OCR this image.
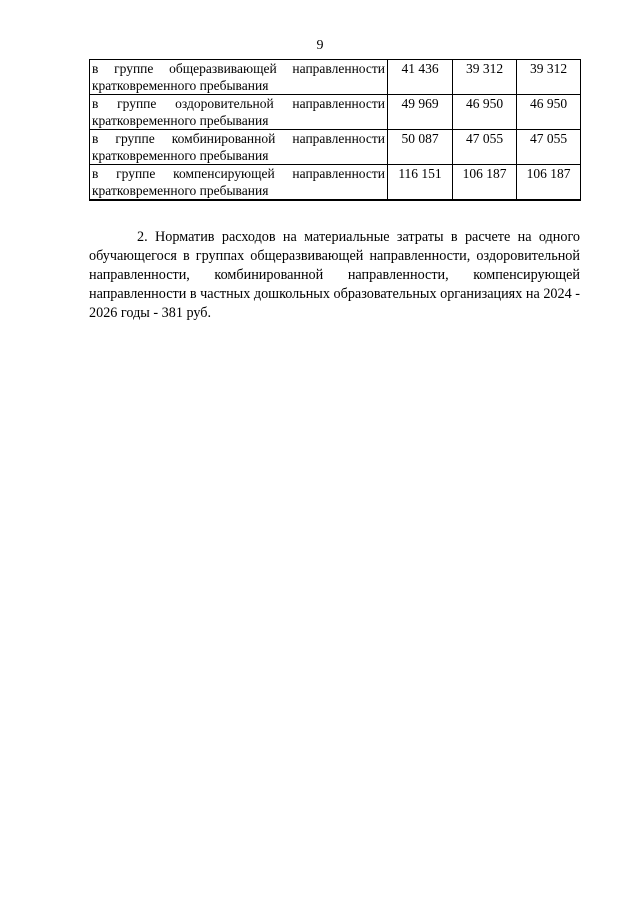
9
в группе общеразвивающей направленности кратковременного пребывания	41 436	39 312	39 312
в группе оздоровительной направленности кратковременного пребывания	49 969	46 950	46 950
в группе комбинированной направленности кратковременного пребывания	50 087	47 055	47 055
в группе компенсирующей направленности кратковременного пребывания	116 151	106 187	106 187

2. Норматив расходов на материальные затраты в расчете на одного обучающегося в группах общеразвивающей направленности, оздоровительной направленности, комбинированной направленности, компенсирующей направленности в частных дошкольных образовательных организациях на 2024 - 2026 годы - 381 руб.
